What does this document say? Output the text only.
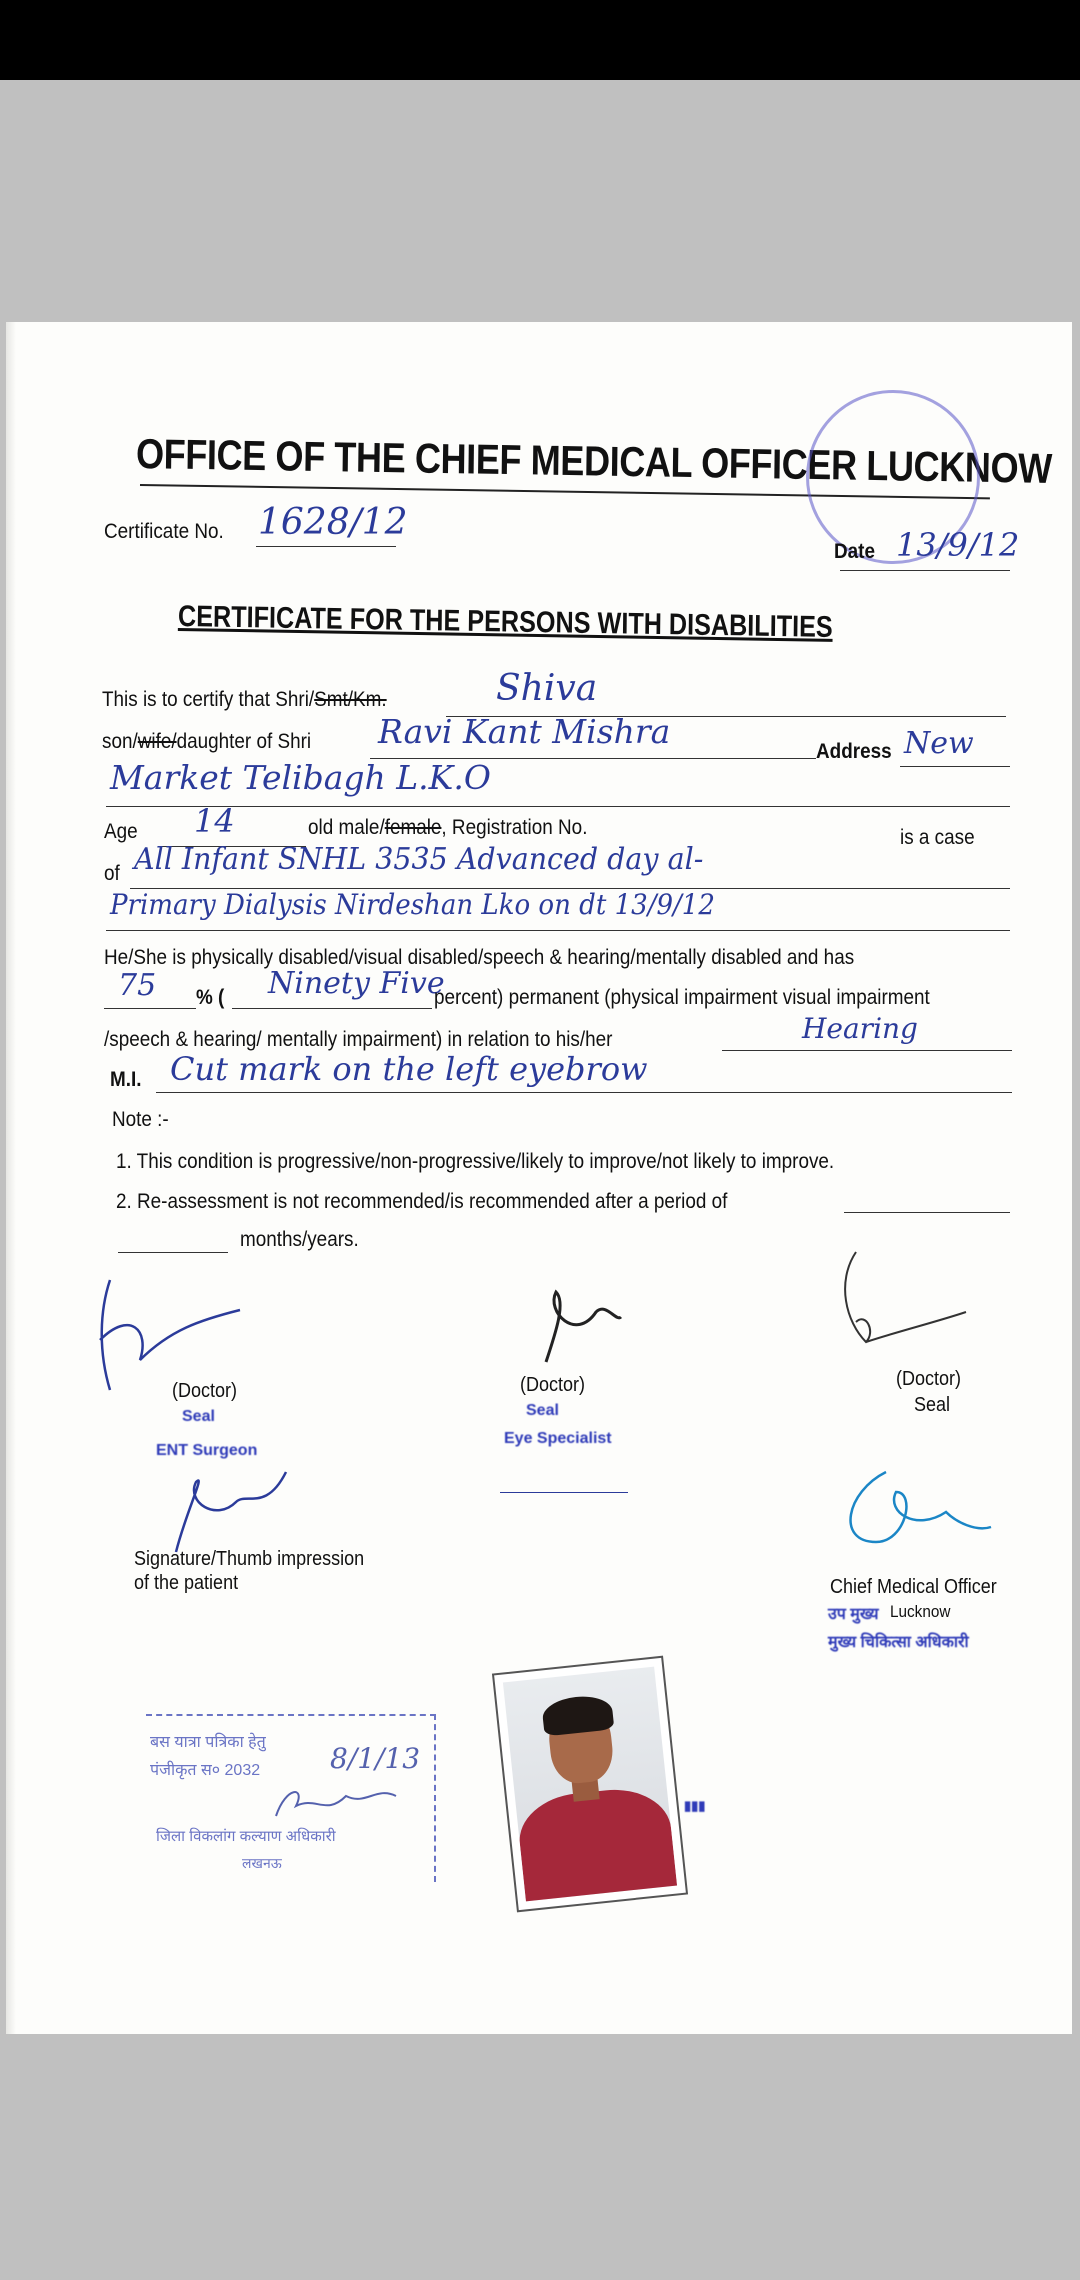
OFFICE OF THE CHIEF MEDICAL OFFICER LUCKNOW
Certificate No. 1628/12
Date 13/9/12
CERTIFICATE FOR THE PERSONS WITH DISABILITIES
This is to certify that Shri/Smt/Km.	Shiva
son/wife/daughter of Shri Ravi Kant Mishra
Address New
Market Telibagh L.K.O
Age 14	old male/female, Registration No.	is a case
of All Infant SNHL 3535 Advanced day al-
Primary Dialysis Nirdeshan Lko on dt 13/9/12
He/She is physically disabled/visual disabled/speech & hearing/mentally disabled and has
75 % ( Ninety Five
percent) permanent (physical impairment visual impairment
/speech & hearing/ mentally impairment) in relation to his/her	Hearing
M.I. Cut mark on the left eyebrow
Note :-
1. This condition is progressive/non-progressive/likely to improve/not likely to improve.
2. Re-assessment is not recommended/is recommended after a period of
months/years.
(Doctor)
Seal
ENT Surgeon
(Doctor)
Seal
Eye Specialist
(Doctor)
Seal
Signature/Thumb impression
of the patient	Chief Medical Officer
उप मुख्य Lucknow
मुख्य चिकित्सा अधिकारी
बस यात्रा पत्रिका हेतु
पंजीकृत स० 2032 8/1/13
जिला विकलांग कल्याण अधिकारी
लखनऊ
▮▮▮
